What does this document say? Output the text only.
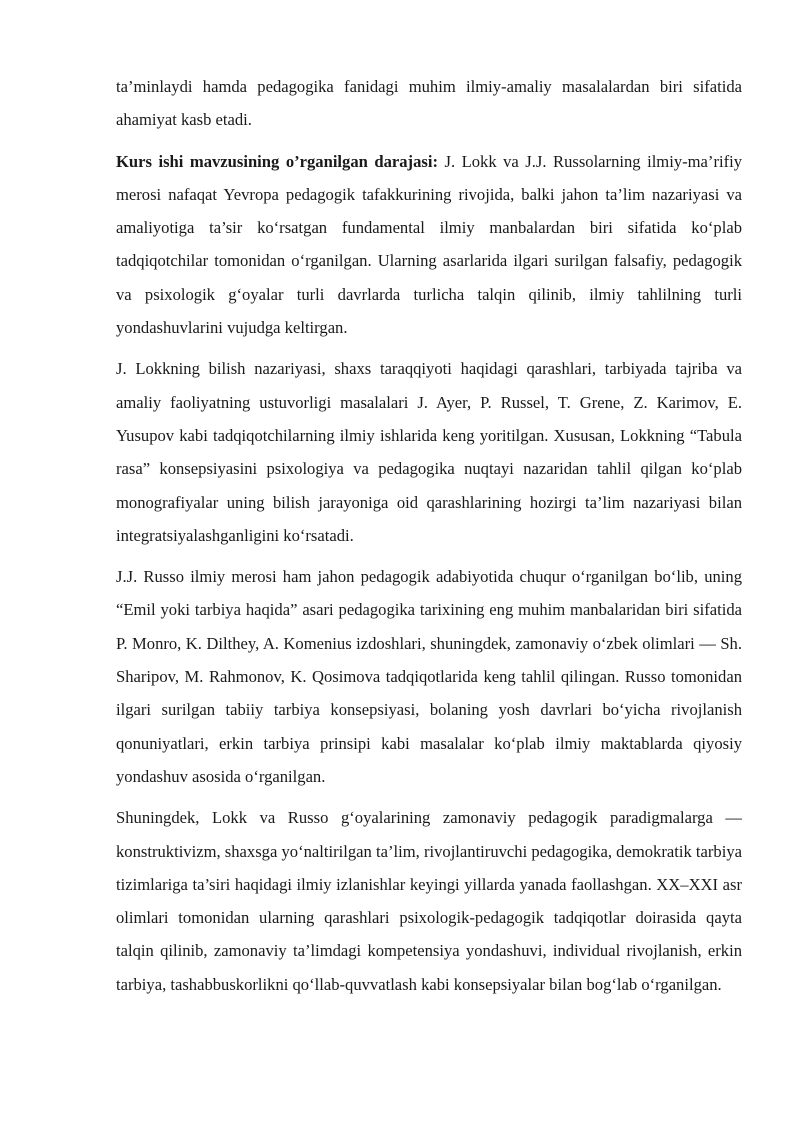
ta’minlaydi hamda pedagogika fanidagi muhim ilmiy-amaliy masalalardan biri sifatida ahamiyat kasb etadi.

Kurs ishi mavzusining o’rganilgan darajasi: J. Lokk va J.J. Russolarning ilmiy-ma’rifiy merosi nafaqat Yevropa pedagogik tafakkurining rivojida, balki jahon ta’lim nazariyasi va amaliyotiga ta’sir ko‘rsatgan fundamental ilmiy manbalardan biri sifatida ko‘plab tadqiqotchilar tomonidan o‘rganilgan. Ularning asarlarida ilgari surilgan falsafiy, pedagogik va psixologik g‘oyalar turli davrlarda turlicha talqin qilinib, ilmiy tahlilning turli yondashuvlarini vujudga keltirgan.

J. Lokkning bilish nazariyasi, shaxs taraqqiyoti haqidagi qarashlari, tarbiyada tajriba va amaliy faoliyatning ustuvorligi masalalari J. Ayer, P. Russel, T. Grene, Z. Karimov, E. Yusupov kabi tadqiqotchilarning ilmiy ishlarida keng yoritilgan. Xususan, Lokkning “Tabula rasa” konsepsiyasini psixologiya va pedagogika nuqtayi nazaridan tahlil qilgan ko‘plab monografiyalar uning bilish jarayoniga oid qarashlarining hozirgi ta’lim nazariyasi bilan integratsiyalashganligini ko‘rsatadi.

J.J. Russo ilmiy merosi ham jahon pedagogik adabiyotida chuqur o‘rganilgan bo‘lib, uning “Emil yoki tarbiya haqida” asari pedagogika tarixining eng muhim manbalaridan biri sifatida P. Monro, K. Dilthey, A. Komenius izdoshlari, shuningdek, zamonaviy o‘zbek olimlari — Sh. Sharipov, M. Rahmonov, K. Qosimova tadqiqotlarida keng tahlil qilingan. Russo tomonidan ilgari surilgan tabiiy tarbiya konsepsiyasi, bolaning yosh davrlari bo‘yicha rivojlanish qonuniyatlari, erkin tarbiya prinsipi kabi masalalar ko‘plab ilmiy maktablarda qiyosiy yondashuv asosida o‘rganilgan.

Shuningdek, Lokk va Russo g‘oyalarining zamonaviy pedagogik paradigmalarga — konstruktivizm, shaxsga yo‘naltirilgan ta’lim, rivojlantiruvchi pedagogika, demokratik tarbiya tizimlariga ta’siri haqidagi ilmiy izlanishlar keyingi yillarda yanada faollashgan. XX–XXI asr olimlari tomonidan ularning qarashlari psixologik-pedagogik tadqiqotlar doirasida qayta talqin qilinib, zamonaviy ta’limdagi kompetensiya yondashuvi, individual rivojlanish, erkin tarbiya, tashabbuskorlikni qo‘llab-quvvatlash kabi konsepsiyalar bilan bog‘lab o‘rganilgan.
